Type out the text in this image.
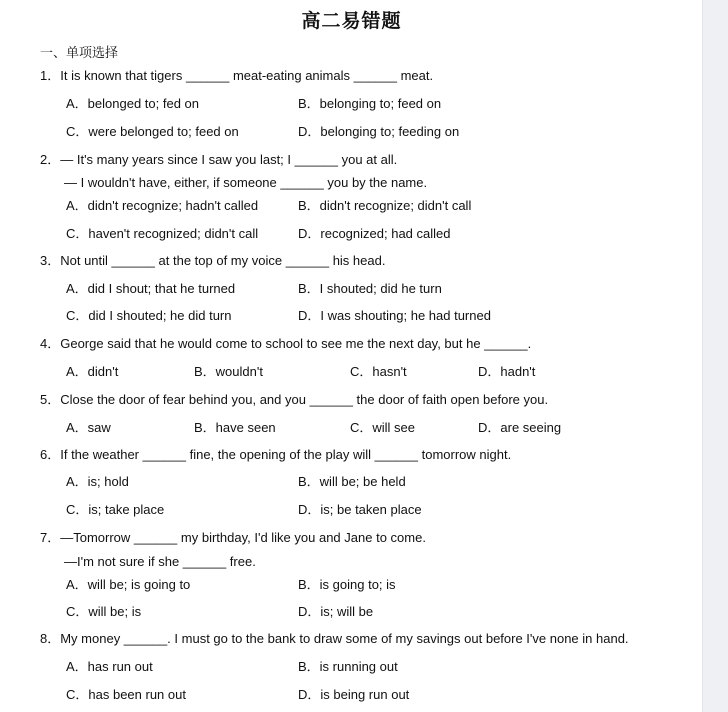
高二易错题
一、单项选择
1．It is known that tigers ______ meat-eating animals ______ meat.
A．belonged to; fed on	B．belonging to; feed on
C．were belonged to; feed on	D．belonging to; feeding on
2．— It's many years since I saw you last; I ______ you at all.
— I wouldn't have, either, if someone ______ you by the name.
A．didn't recognize; hadn't called	B．didn't recognize; didn't call
C．haven't recognized; didn't call	D．recognized; had called
3．Not until ______ at the top of my voice ______ his head.
A．did I shout; that he turned	B．I shouted; did he turn
C．did I shouted; he did turn	D．I was shouting; he had turned
4．George said that he would come to school to see me the next day, but he ______.
A．didn't	B．wouldn't	C．hasn't	D．hadn't
5．Close the door of fear behind you, and you ______ the door of faith open before you.
A．saw	B．have seen	C．will see	D．are seeing
6．If the weather ______ fine, the opening of the play will ______ tomorrow night.
A．is; hold	B．will be; be held
C．is; take place	D．is; be taken place
7．—Tomorrow ______ my birthday, I'd like you and Jane to come.
—I'm not sure if she ______ free.
A．will be; is going to	B．is going to; is
C．will be; is	D．is; will be
8．My money ______. I must go to the bank to draw some of my savings out before I've none in hand.
A．has run out	B．is running out
C．has been run out	D．is being run out
